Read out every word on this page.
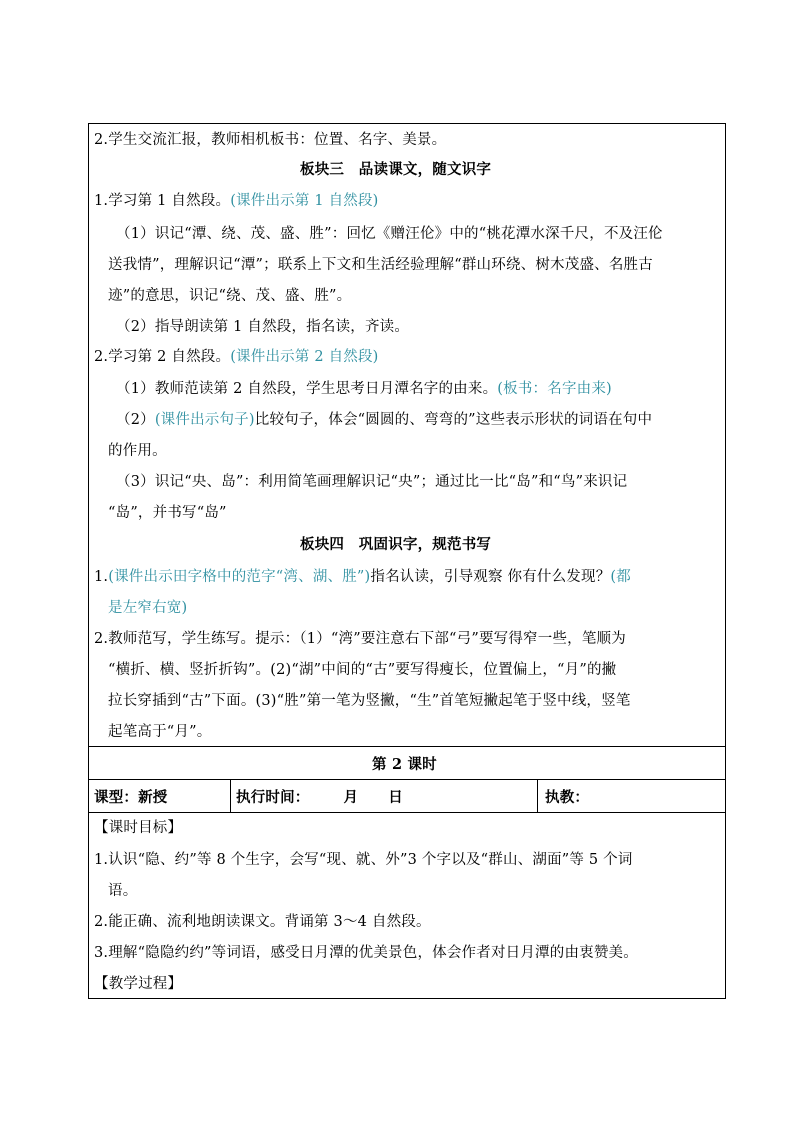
2.学生交流汇报，教师相机板书：位置、名字、美景。
板块三　品读课文，随文识字
1.学习第 1 自然段。(课件出示第 1 自然段)
（1）识记“潭、绕、茂、盛、胜”：回忆《赠汪伦》中的“桃花潭水深千尺，不及汪伦
送我情”，理解识记“潭”；联系上下文和生活经验理解“群山环绕、树木茂盛、名胜古
迹”的意思，识记“绕、茂、盛、胜”。
（2）指导朗读第 1 自然段，指名读，齐读。
2.学习第 2 自然段。(课件出示第 2 自然段)
（1）教师范读第 2 自然段，学生思考日月潭名字的由来。(板书：名字由来)
（2）(课件出示句子)比较句子，体会“圆圆的、弯弯的”这些表示形状的词语在句中
的作用。
（3）识记“央、岛”：利用简笔画理解识记“央”；通过比一比“岛”和“鸟”来识记
“岛”，并书写“岛”
板块四　巩固识字，规范书写
1.(课件出示田字格中的范字“湾、湖、胜”)指名认读，引导观察 你有什么发现？(都
是左窄右宽)
2.教师范写，学生练写。提示：（1）“湾”要注意右下部“弓”要写得窄一些，笔顺为
“横折、横、竖折折钩”。(2)“湖”中间的“古”要写得瘦长，位置偏上，“月”的撇
拉长穿插到“古”下面。(3)“胜”第一笔为竖撇，“生”首笔短撇起笔于竖中线，竖笔
起笔高于“月”。
第 2 课时
课型：新授	执行时间： 月 日	执教：
【课时目标】
1.认识“隐、约”等 8 个生字，会写“现、就、外”3 个字以及“群山、湖面”等 5 个词
语。
2.能正确、流利地朗读课文。背诵第 3～4 自然段。
3.理解“隐隐约约”等词语，感受日月潭的优美景色，体会作者对日月潭的由衷赞美。
【教学过程】
